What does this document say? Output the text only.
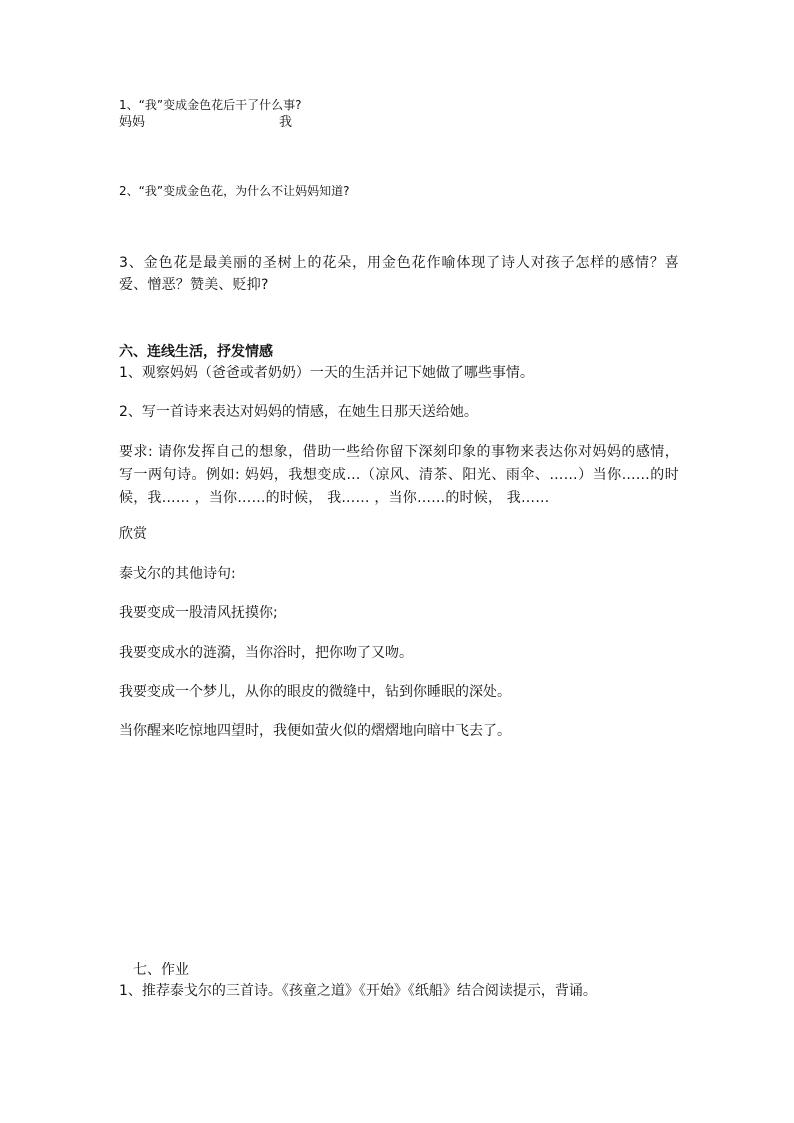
1、“我”变成金色花后干了什么事?
妈妈	我
2、“我”变成金色花，为什么不让妈妈知道?
3、金色花是最美丽的圣树上的花朵，用金色花作喻体现了诗人对孩子怎样的感情？喜爱、憎恶？赞美、贬抑?
六、连线生活，抒发情感
1、观察妈妈（爸爸或者奶奶）一天的生活并记下她做了哪些事情。
2、写一首诗来表达对妈妈的情感，在她生日那天送给她。
要求: 请你发挥自己的想象，借助一些给你留下深刻印象的事物来表达你对妈妈的感情，写一两句诗。例如: 妈妈，我想变成…（凉风、清茶、阳光、雨伞、……）当你……的时候，我…… ，当你……的时候， 我…… ，当你……的时候， 我……
欣赏
泰戈尔的其他诗句:
我要变成一股清风抚摸你;
我要变成水的涟漪，当你浴时，把你吻了又吻。
我要变成一个梦儿，从你的眼皮的微缝中，钻到你睡眠的深处。
当你醒来吃惊地四望时，我便如萤火似的熠熠地向暗中飞去了。
七、作业
1、推荐泰戈尔的三首诗。《孩童之道》《开始》《纸船》结合阅读提示，背诵。
